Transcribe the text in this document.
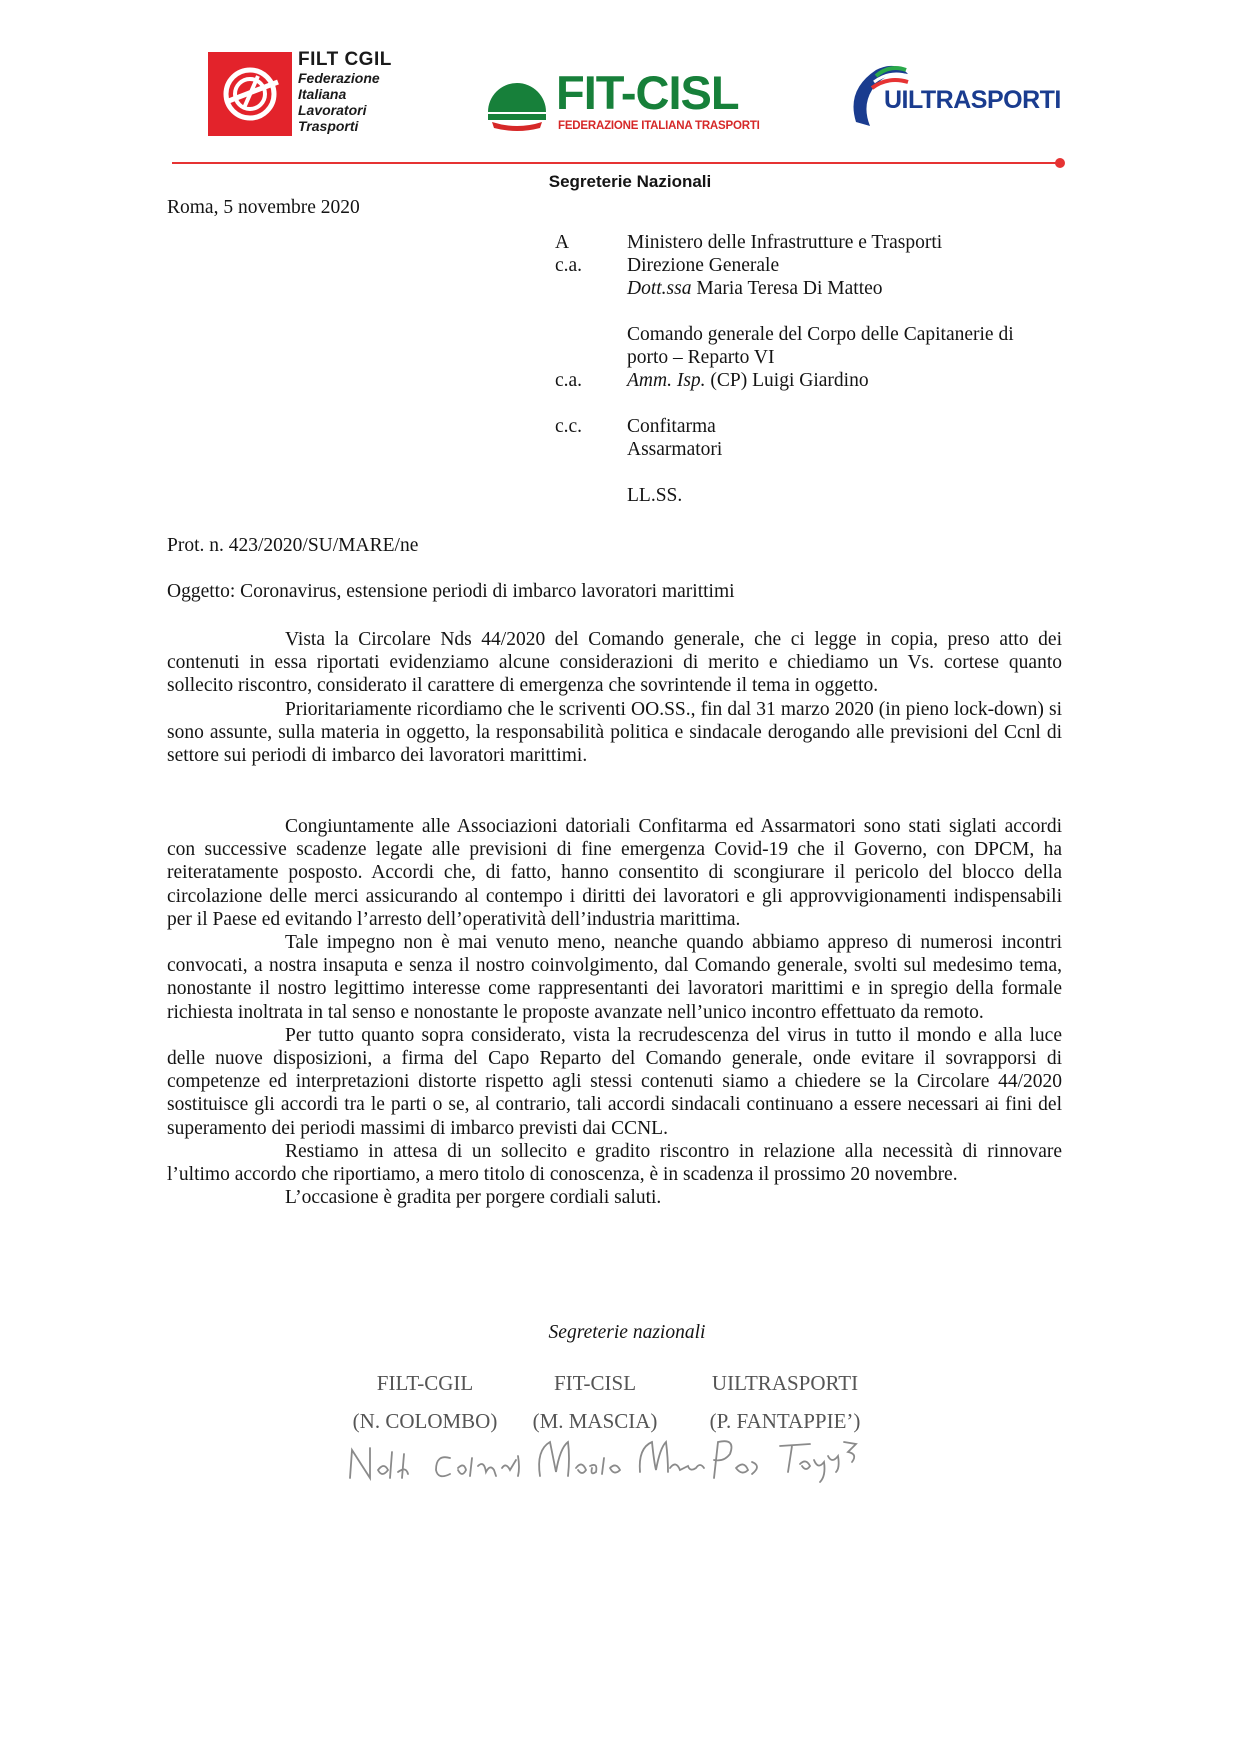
FILT CGIL
Federazione
Italiana
Lavoratori
Trasporti
FIT-CISL
FEDERAZIONE ITALIANA TRASPORTI
UILTRASPORTI
Segreterie Nazionali
Roma, 5 novembre 2020
A
c.a.
Ministero delle Infrastrutture e Trasporti
Direzione Generale
Dott.ssa Maria Teresa Di Matteo
Comando generale del Corpo delle Capitanerie di
porto – Reparto VI
c.a. Amm. Isp. (CP) Luigi Giardino
c.c. Confitarma
Assarmatori
LL.SS.
Prot. n. 423/2020/SU/MARE/ne
Oggetto: Coronavirus, estensione periodi di imbarco lavoratori marittimi

Vista la Circolare Nds 44/2020 del Comando generale, che ci legge in copia, preso atto dei contenuti in essa riportati evidenziamo alcune considerazioni di merito e chiediamo un Vs. cortese quanto sollecito riscontro, considerato il carattere di emergenza che sovrintende il tema in oggetto.

Prioritariamente ricordiamo che le scriventi OO.SS., fin dal 31 marzo 2020 (in pieno lock-down) si sono assunte, sulla materia in oggetto, la responsabilità politica e sindacale derogando alle previsioni del Ccnl di settore sui periodi di imbarco dei lavoratori marittimi.

Congiuntamente alle Associazioni datoriali Confitarma ed Assarmatori sono stati siglati accordi con successive scadenze legate alle previsioni di fine emergenza Covid-19 che il Governo, con DPCM, ha reiteratamente posposto. Accordi che, di fatto, hanno consentito di scongiurare il pericolo del blocco della circolazione delle merci assicurando al contempo i diritti dei lavoratori e gli approvvigionamenti indispensabili per il Paese ed evitando l’arresto dell’operatività dell’industria marittima.

Tale impegno non è mai venuto meno, neanche quando abbiamo appreso di numerosi incontri convocati, a nostra insaputa e senza il nostro coinvolgimento, dal Comando generale, svolti sul medesimo tema, nonostante il nostro legittimo interesse come rappresentanti dei lavoratori marittimi e in spregio della formale richiesta inoltrata in tal senso e nonostante le proposte avanzate nell’unico incontro effettuato da remoto.

Per tutto quanto sopra considerato, vista la recrudescenza del virus in tutto il mondo e alla luce delle nuove disposizioni, a firma del Capo Reparto del Comando generale, onde evitare il sovrapporsi di competenze ed interpretazioni distorte rispetto agli stessi contenuti siamo a chiedere se la Circolare 44/2020 sostituisce gli accordi tra le parti o se, al contrario, tali accordi sindacali continuano a essere necessari ai fini del superamento dei periodi massimi di imbarco previsti dai CCNL.

Restiamo in attesa di un sollecito e gradito riscontro in relazione alla necessità di rinnovare l’ultimo accordo che riportiamo, a mero titolo di conoscenza, è in scadenza il prossimo 20 novembre.

L’occasione è gradita per porgere cordiali saluti.

Segreterie nazionali
FILT-CGIL
(N. COLOMBO)
FIT-CISL
(M. MASCIA)
UILTRASPORTI
(P. FANTAPPIE’)
